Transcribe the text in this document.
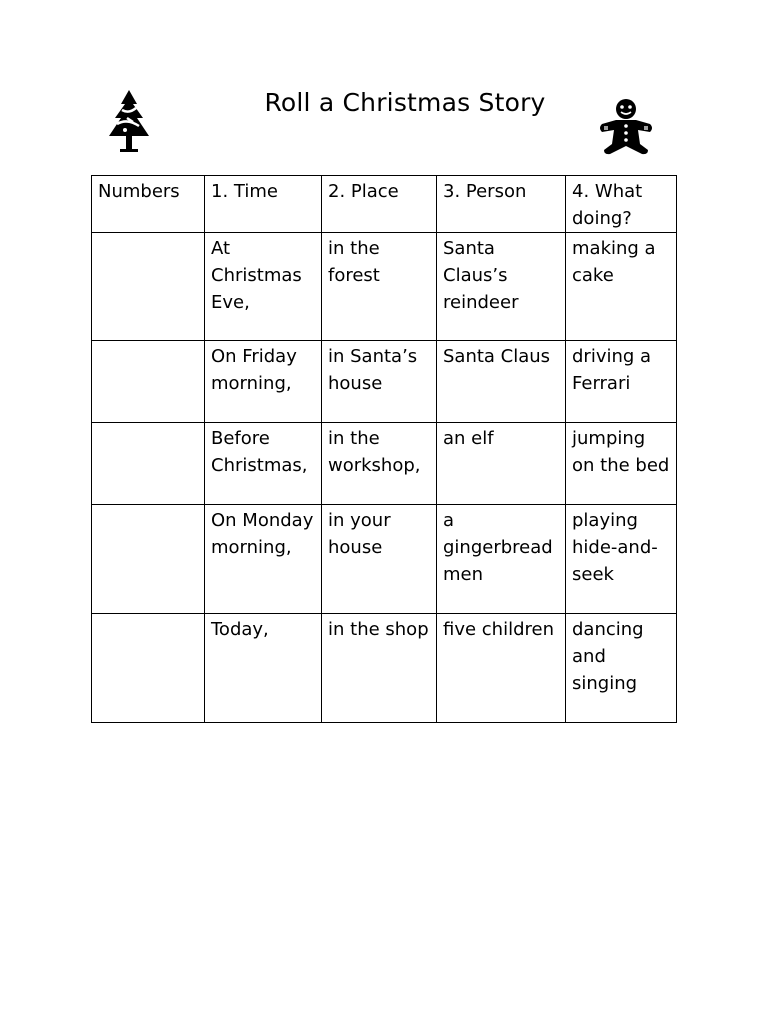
Roll a Christmas Story
Numbers	1. Time	2. Place	3. Person	4. What doing?
	At Christmas Eve,	in the forest	Santa Claus’s reindeer	making a cake
	On Friday morning,	in Santa’s house	Santa Claus	driving a Ferrari
	Before Christmas,	in the workshop,	an elf	jumping on the bed
	On Monday morning,	in your house	a gingerbread men	playing hide-and-seek
	Today,	in the shop	five children	dancing and singing
